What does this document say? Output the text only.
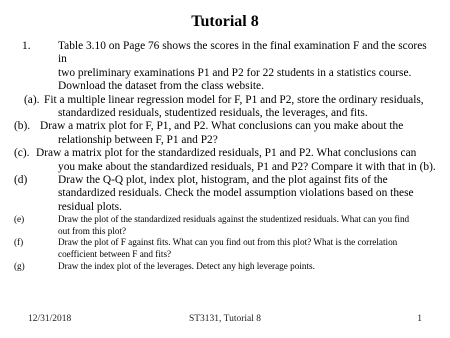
Tutorial 8
1. Table 3.10 on Page 76 shows the scores in the final examination F and the scores in
two preliminary examinations P1 and P2 for 22 students in a statistics course.
Download the dataset from the class website.
(a). Fit a multiple linear regression model for F, P1 and P2, store the ordinary residuals,
standardized residuals, studentized residuals, the leverages, and fits.
(b). Draw a matrix plot for F, P1, and P2. What conclusions can you make about the
relationship between F, P1 and P2?
(c). Draw a matrix plot for the standardized residuals, P1 and P2. What conclusions can
you make about the standardized residuals, P1 and P2? Compare it with that in (b).
(d)	Draw the Q-Q plot, index plot, histogram, and the plot against fits of the
standardized residuals. Check the model assumption violations based on these
residual plots.
(e)	Draw the plot of the standardized residuals against the studentized residuals. What can you find
out from this plot?
(f)	Draw the plot of F against fits. What can you find out from this plot? What is the correlation
coefficient between F and fits?
(g)	Draw the index plot of the leverages. Detect any high leverage points.
12/31/2018	ST3131, Tutorial 8	1
